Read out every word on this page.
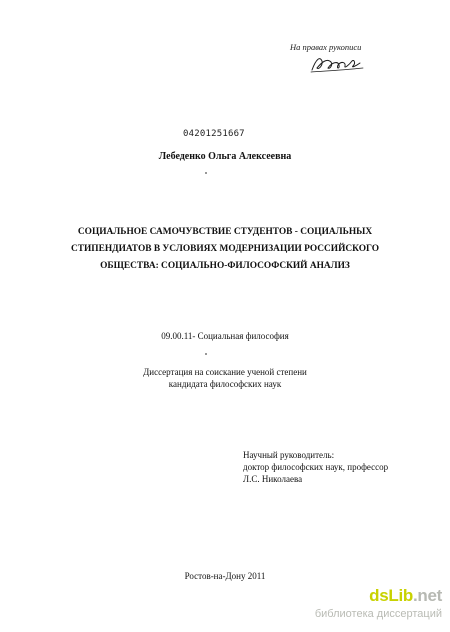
На правах рукописи
04201251667
Лебеденко Ольга Алексеевна
СОЦИАЛЬНОЕ САМОЧУВСТВИЕ СТУДЕНТОВ - СОЦИАЛЬНЫХ
СТИПЕНДИАТОВ В УСЛОВИЯХ МОДЕРНИЗАЦИИ РОССИЙСКОГО
ОБЩЕСТВА: СОЦИАЛЬНО-ФИЛОСОФСКИЙ АНАЛИЗ
09.00.11- Социальная философия
Диссертация на соискание ученой степени
кандидата философских наук
Научный руководитель:
доктор философских наук, профессор
Л.С. Николаева
Ростов-на-Дону 2011
dsLib.net
библиотека диссертаций
